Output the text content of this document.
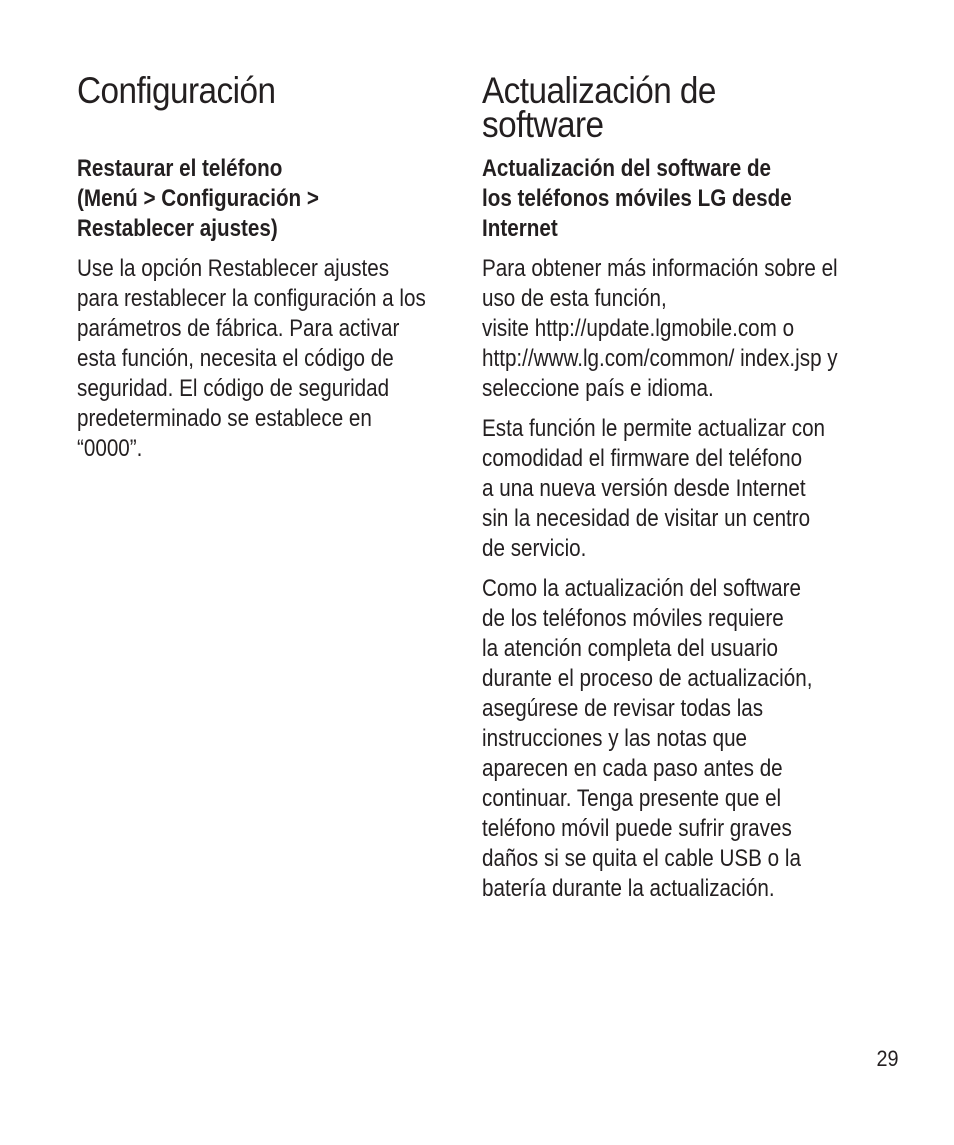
Configuración
Restaurar el teléfono
(Menú > Configuración >
Restablecer ajustes)

Use la opción Restablecer ajustes
para restablecer la configuración a los
parámetros de fábrica. Para activar
esta función, necesita el código de
seguridad. El código de seguridad
predeterminado se establece en
“0000”.

Actualización de
software
Actualización del software de
los teléfonos móviles LG desde
Internet

Para obtener más información sobre el
uso de esta función,
visite http://update.lgmobile.com o
http://www.lg.com/common/ index.jsp y
seleccione país e idioma.

Esta función le permite actualizar con
comodidad el firmware del teléfono
a una nueva versión desde Internet
sin la necesidad de visitar un centro
de servicio.

Como la actualización del software
de los teléfonos móviles requiere
la atención completa del usuario
durante el proceso de actualización,
asegúrese de revisar todas las
instrucciones y las notas que
aparecen en cada paso antes de
continuar. Tenga presente que el
teléfono móvil puede sufrir graves
daños si se quita el cable USB o la
batería durante la actualización.

29
